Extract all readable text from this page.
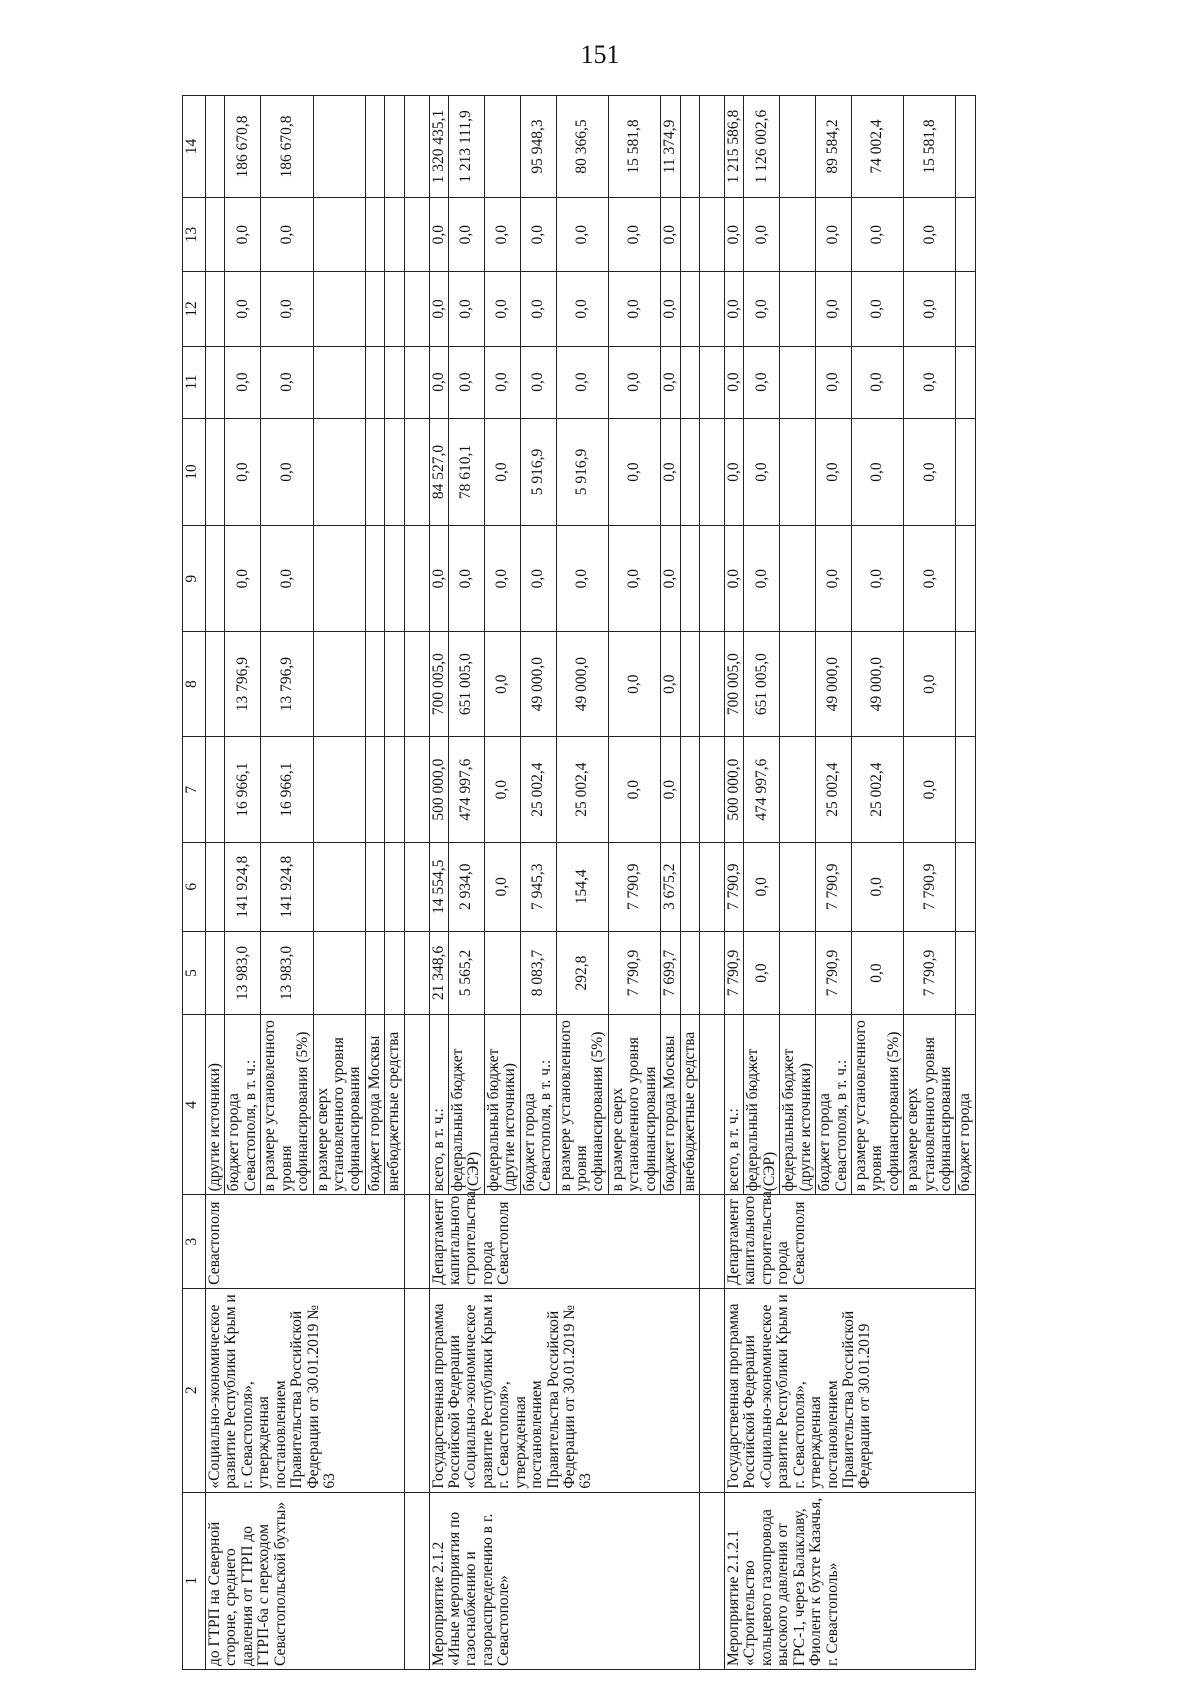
151
1	2	3	4	5	6	7	8	9	10	11	12	13	14
до ГТРП на Северной стороне, среднего давления от ГТРП до ГТРП-6а с переходом Севастопольской бухты»	«Социально-экономическое развитие Республики Крым и г. Севастополя», утвержденная постановлением Правительства Российской Федерации от 30.01.2019 № 63	Севастополя	(другие источники)										
			бюджет города Севастополя, в т. ч.:	13 983,0	141 924,8	16 966,1	13 796,9	0,0	0,0	0,0	0,0	0,0	186 670,8
			в размере установленного уровня софинансирования (5%)	13 983,0	141 924,8	16 966,1	13 796,9	0,0	0,0	0,0	0,0	0,0	186 670,8
			в размере сверх установленного уровня софинансирования										
			бюджет города Москвы										
			внебюджетные средства										

Мероприятие 2.1.2 «Иные мероприятия по газоснабжению и газораспределению в г. Севастополе»	Государственная программа Российской Федерации «Социально-экономическое развитие Республики Крым и г. Севастополя», утвержденная постановлением Правительства Российской Федерации от 30.01.2019 № 63	Департамент капитального строительства города Севастополя	всего, в т. ч.:	21 348,6	14 554,5	500 000,0	700 005,0	0,0	84 527,0	0,0	0,0	0,0	1 320 435,1
			федеральный бюджет (СЭР)	5 565,2	2 934,0	474 997,6	651 005,0	0,0	78 610,1	0,0	0,0	0,0	1 213 111,9
			федеральный бюджет (другие источники)		0,0	0,0	0,0	0,0	0,0	0,0	0,0	0,0	
			бюджет города Севастополя, в т. ч.:	8 083,7	7 945,3	25 002,4	49 000,0	0,0	5 916,9	0,0	0,0	0,0	95 948,3
			в размере установленного уровня софинансирования (5%)	292,8	154,4	25 002,4	49 000,0	0,0	5 916,9	0,0	0,0	0,0	80 366,5
			в размере сверх установленного уровня софинансирования	7 790,9	7 790,9	0,0	0,0	0,0	0,0	0,0	0,0	0,0	15 581,8
			бюджет города Москвы	7 699,7	3 675,2	0,0	0,0	0,0	0,0	0,0	0,0	0,0	11 374,9
			внебюджетные средства										

Мероприятие 2.1.2.1 «Строительство кольцевого газопровода высокого давления от ГРС-1, через Балаклаву, Фиолент к бухте Казачья, г. Севастополь»	Государственная программа Российской Федерации «Социально-экономическое развитие Республики Крым и г. Севастополя», утвержденная постановлением Правительства Российской Федерации от 30.01.2019	Департамент капитального строительства города Севастополя	всего, в т. ч.:	7 790,9	7 790,9	500 000,0	700 005,0	0,0	0,0	0,0	0,0	0,0	1 215 586,8
			федеральный бюджет (СЭР)	0,0	0,0	474 997,6	651 005,0	0,0	0,0	0,0	0,0	0,0	1 126 002,6
			федеральный бюджет (другие источники)										
			бюджет города Севастополя, в т. ч.:	7 790,9	7 790,9	25 002,4	49 000,0	0,0	0,0	0,0	0,0	0,0	89 584,2
			в размере установленного уровня софинансирования (5%)	0,0	0,0	25 002,4	49 000,0	0,0	0,0	0,0	0,0	0,0	74 002,4
			в размере сверх установленного уровня софинансирования	7 790,9	7 790,9	0,0	0,0	0,0	0,0	0,0	0,0	0,0	15 581,8
			бюджет города										
